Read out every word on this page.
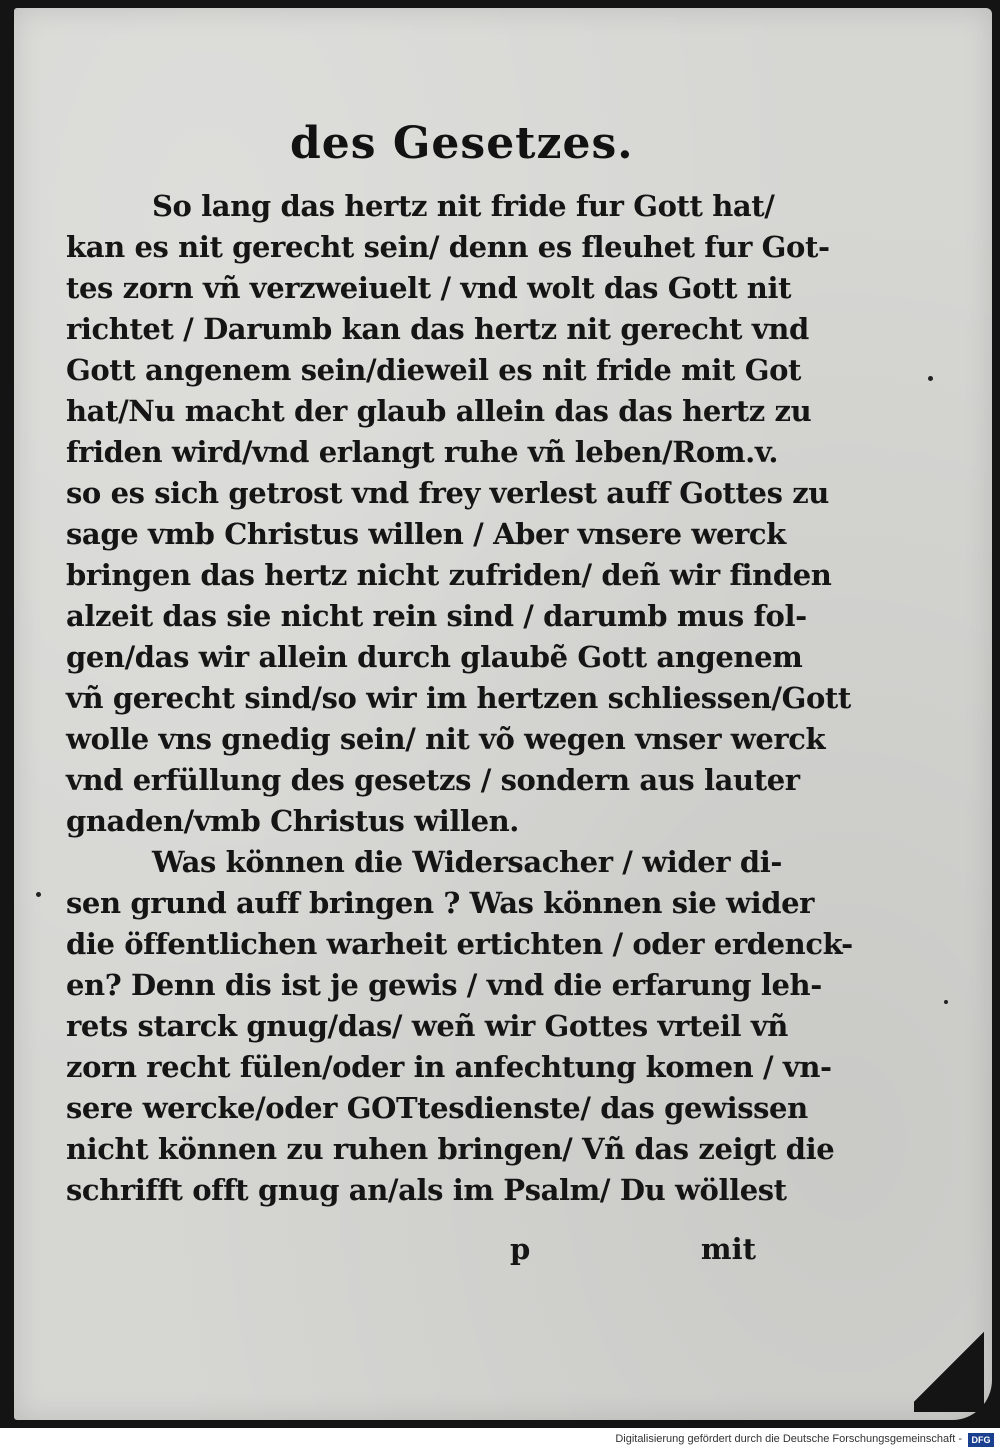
des Gesetzes.
So lang das hertz nit fride fur Gott hat/
kan es nit gerecht sein/ denn es fleuhet fur Got-
tes zorn vñ verzweiuelt / vnd wolt das Gott nit
richtet / Darumb kan das hertz nit gerecht vnd
Gott angenem sein/dieweil es nit fride mit Got
hat/Nu macht der glaub allein das das hertz zu
friden wird/vnd erlangt ruhe vñ leben/Rom.v.
so es sich getrost vnd frey verlest auff Gottes zu
sage vmb Christus willen / Aber vnsere werck
bringen das hertz nicht zufriden/ deñ wir finden
alzeit das sie nicht rein sind / darumb mus fol-
gen/das wir allein durch glaubẽ Gott angenem
vñ gerecht sind/so wir im hertzen schliessen/Gott
wolle vns gnedig sein/ nit võ wegen vnser werck
vnd erfüllung des gesetzs / sondern aus lauter
gnaden/vmb Christus willen.
Was können die Widersacher / wider di-
sen grund auff bringen ? Was können sie wider
die öffentlichen warheit ertichten / oder erdenck-
en? Denn dis ist je gewis / vnd die erfarung leh-
rets starck gnug/das/ weñ wir Gottes vrteil vñ
zorn recht fülen/oder in anfechtung komen / vn-
sere wercke/oder GOTtesdienste/ das gewissen
nicht können zu ruhen bringen/ Vñ das zeigt die
schrifft offt gnug an/als im Psalm/ Du wöllest
p	mit
Digitalisierung gefördert durch die Deutsche Forschungsgemeinschaft -	DFG
